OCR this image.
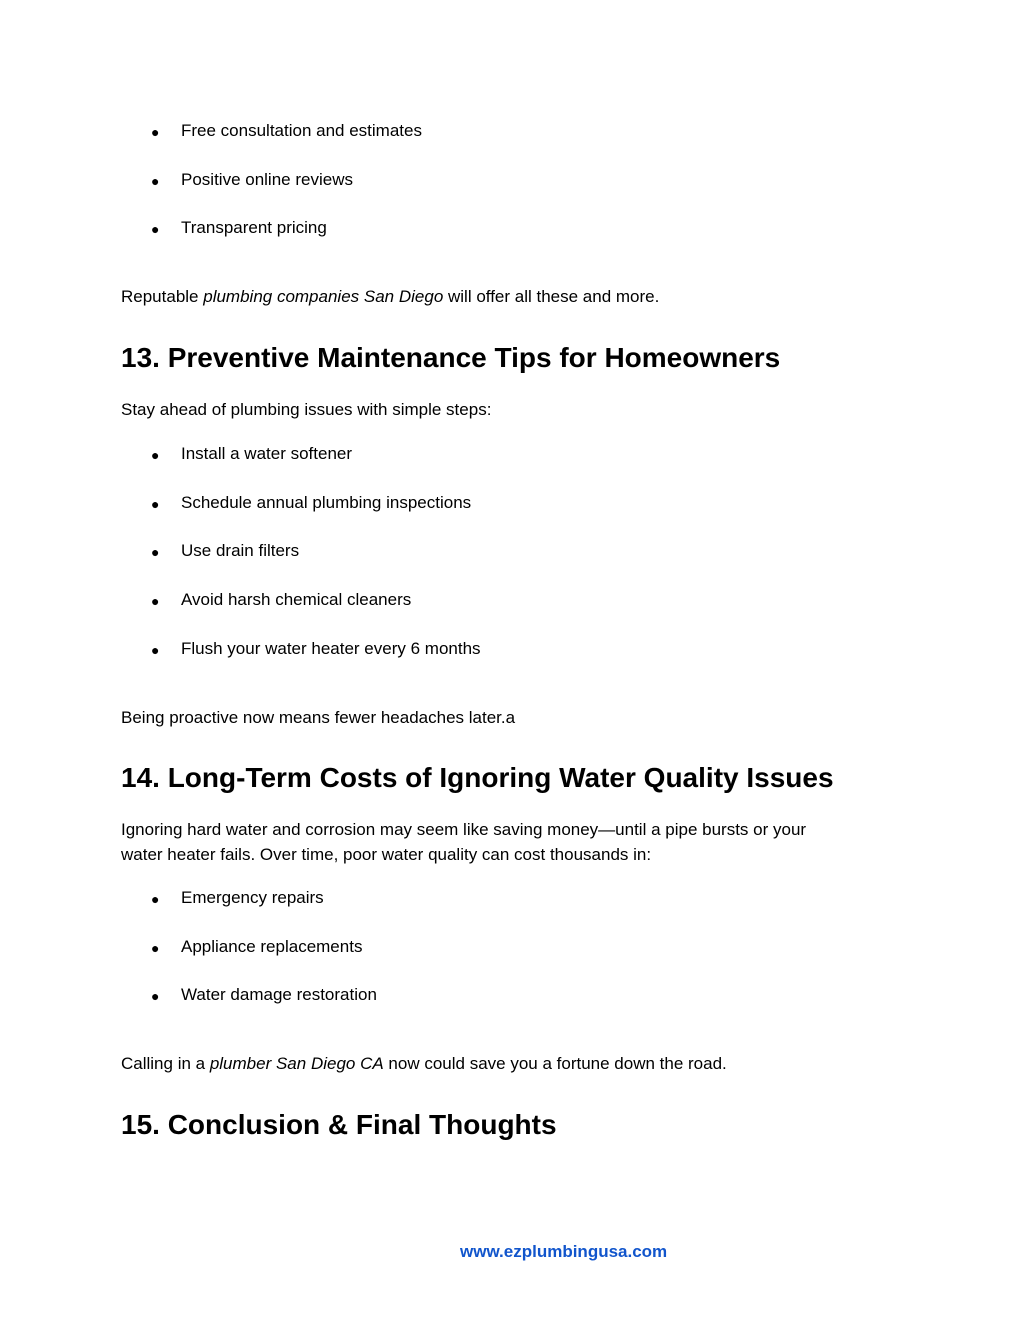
● Free consultation and estimates
● Positive online reviews
● Transparent pricing

Reputable plumbing companies San Diego will offer all these and more.

13. Preventive Maintenance Tips for Homeowners

Stay ahead of plumbing issues with simple steps:

● Install a water softener
● Schedule annual plumbing inspections
● Use drain filters
● Avoid harsh chemical cleaners
● Flush your water heater every 6 months

Being proactive now means fewer headaches later.a

14. Long-Term Costs of Ignoring Water Quality Issues

Ignoring hard water and corrosion may seem like saving money—until a pipe bursts or your

water heater fails. Over time, poor water quality can cost thousands in:

● Emergency repairs
● Appliance replacements
● Water damage restoration

Calling in a plumber San Diego CA now could save you a fortune down the road.

15. Conclusion & Final Thoughts
www.ezplumbingusa.com
